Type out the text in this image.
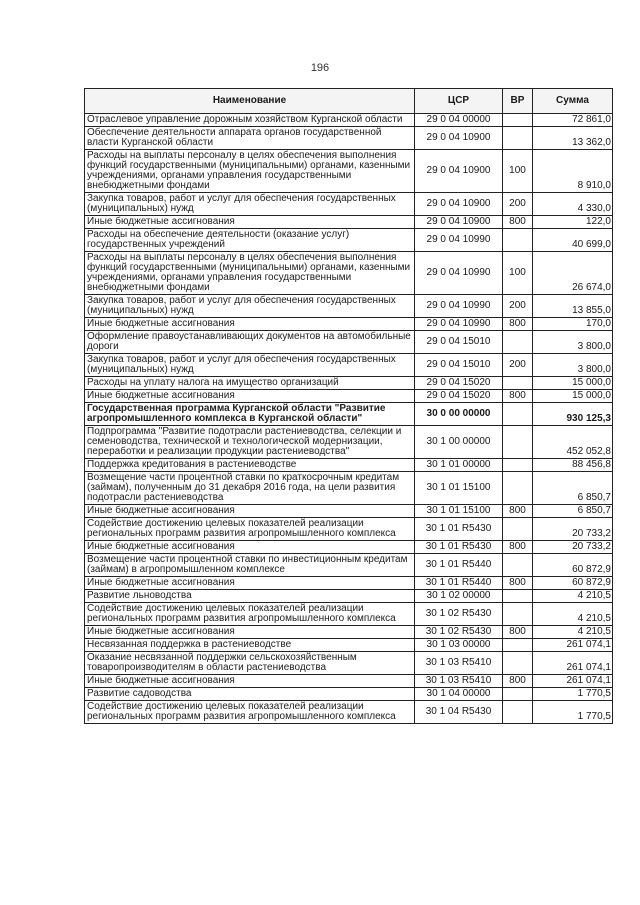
196
Наименование	ЦСР	ВР	Сумма
Отраслевое управление дорожным хозяйством Курганской области	29 0 04 00000		72 861,0
Обеспечение деятельности аппарата органов государственной власти Курганской области	29 0 04 10900		13 362,0
Расходы на выплаты персоналу в целях обеспечения выполнения функций государственными (муниципальными) органами, казенными учреждениями, органами управления государственными внебюджетными фондами	29 0 04 10900	100	8 910,0
Закупка товаров, работ и услуг для обеспечения государственных (муниципальных) нужд	29 0 04 10900	200	4 330,0
Иные бюджетные ассигнования	29 0 04 10900	800	122,0
Расходы на обеспечение деятельности (оказание услуг) государственных учреждений	29 0 04 10990		40 699,0
Расходы на выплаты персоналу в целях обеспечения выполнения функций государственными (муниципальными) органами, казенными учреждениями, органами управления государственными внебюджетными фондами	29 0 04 10990	100	26 674,0
Закупка товаров, работ и услуг для обеспечения государственных (муниципальных) нужд	29 0 04 10990	200	13 855,0
Иные бюджетные ассигнования	29 0 04 10990	800	170,0
Оформление правоустанавливающих документов на автомобильные дороги	29 0 04 15010		3 800,0
Закупка товаров, работ и услуг для обеспечения государственных (муниципальных) нужд	29 0 04 15010	200	3 800,0
Расходы на уплату налога на имущество организаций	29 0 04 15020		15 000,0
Иные бюджетные ассигнования	29 0 04 15020	800	15 000,0
Государственная программа Курганской области "Развитие агропромышленного комплекса в Курганской области"	30 0 00 00000		930 125,3
Подпрограмма "Развитие подотрасли растениеводства, селекции и семеноводства, технической и технологической модернизации, переработки и реализации продукции растениеводства"	30 1 00 00000		452 052,8
Поддержка кредитования в растениеводстве	30 1 01 00000		88 456,8
Возмещение части процентной ставки по краткосрочным кредитам (займам), полученным до 31 декабря 2016 года, на цели развития подотрасли растениеводства	30 1 01 15100		6 850,7
Иные бюджетные ассигнования	30 1 01 15100	800	6 850,7
Содействие достижению целевых показателей реализации региональных программ развития агропромышленного комплекса	30 1 01 R5430		20 733,2
Иные бюджетные ассигнования	30 1 01 R5430	800	20 733,2
Возмещение части процентной ставки по инвестиционным кредитам (займам) в агропромышленном комплексе	30 1 01 R5440		60 872,9
Иные бюджетные ассигнования	30 1 01 R5440	800	60 872,9
Развитие льноводства	30 1 02 00000		4 210,5
Содействие достижению целевых показателей реализации региональных программ развития агропромышленного комплекса	30 1 02 R5430		4 210,5
Иные бюджетные ассигнования	30 1 02 R5430	800	4 210,5
Несвязанная поддержка в растениеводстве	30 1 03 00000		261 074,1
Оказание несвязанной поддержки сельскохозяйственным товаропроизводителям в области растениеводства	30 1 03 R5410		261 074,1
Иные бюджетные ассигнования	30 1 03 R5410	800	261 074,1
Развитие садоводства	30 1 04 00000		1 770,5
Содействие достижению целевых показателей реализации региональных программ развития агропромышленного комплекса	30 1 04 R5430		1 770,5
